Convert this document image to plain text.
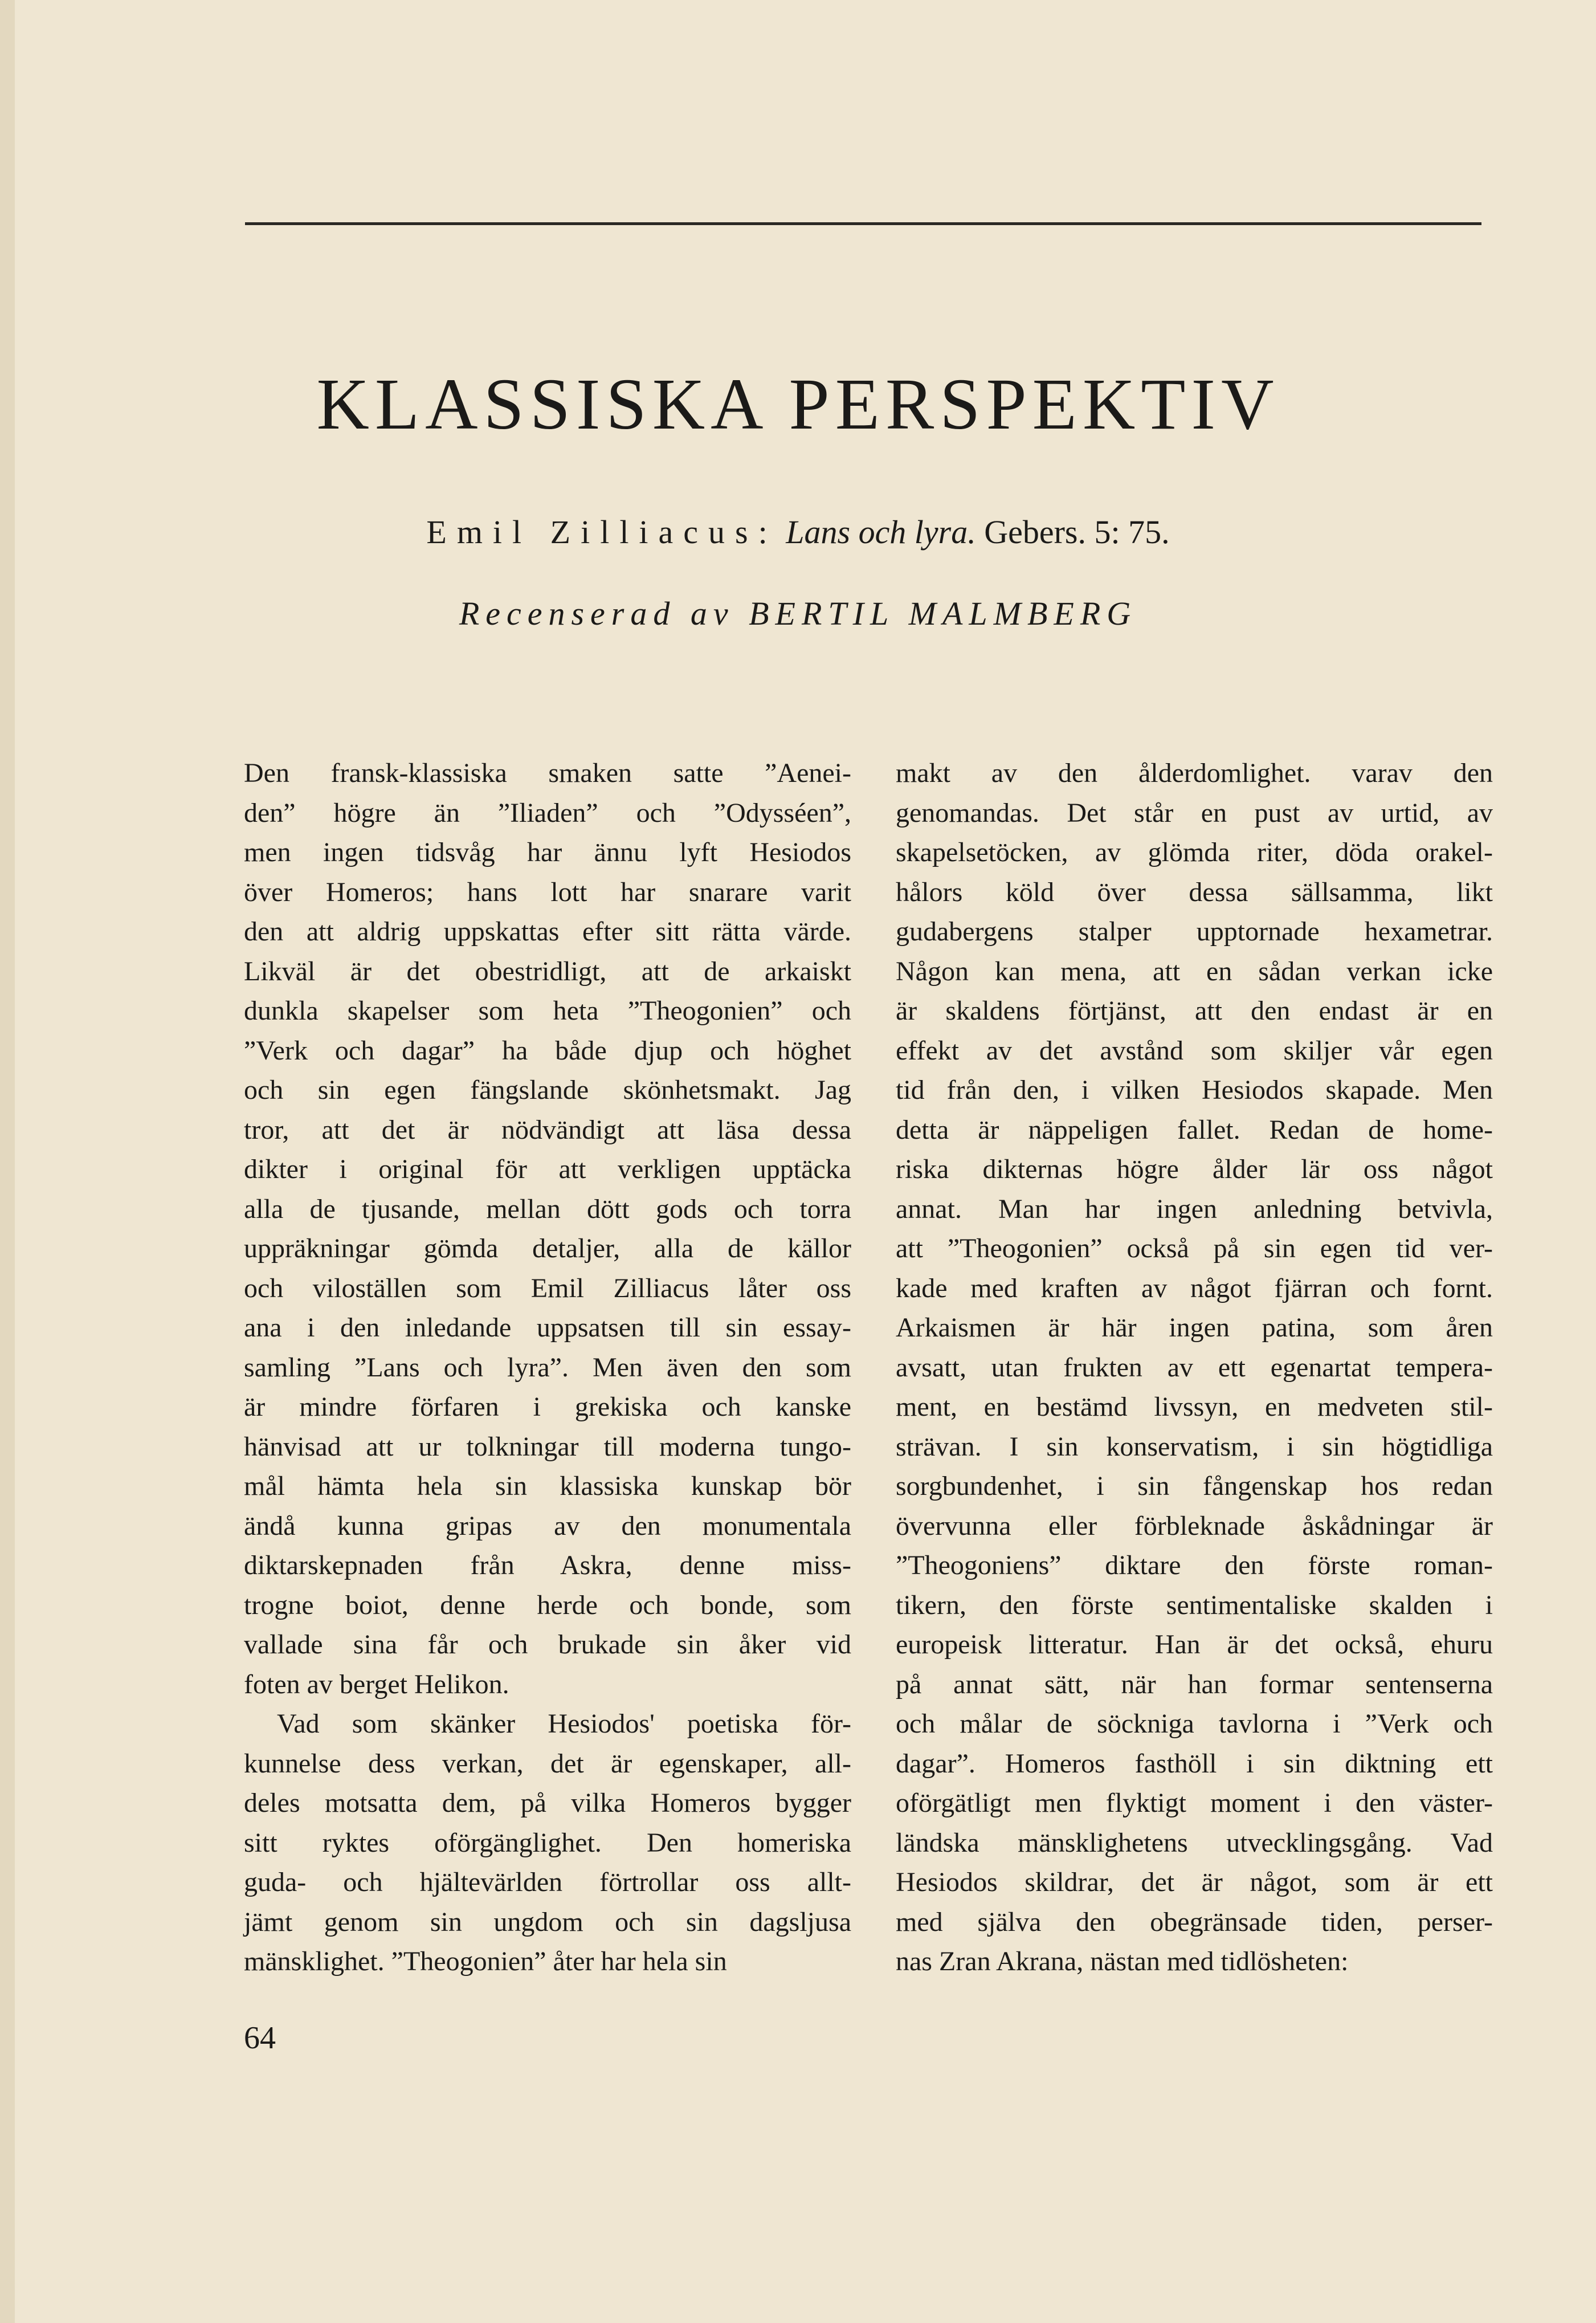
KLASSISKA PERSPEKTIV
Emil Zilliacus: Lans och lyra. Gebers. 5: 75.
Recenserad av BERTIL MALMBERG
Den fransk-klassiska smaken satte ”Aenei-
den” högre än ”Iliaden” och ”Odysséen”,
men ingen tidsvåg har ännu lyft Hesiodos
över Homeros; hans lott har snarare varit
den att aldrig uppskattas efter sitt rätta värde.
Likväl är det obestridligt, att de arkaiskt
dunkla skapelser som heta ”Theogonien” och
”Verk och dagar” ha både djup och höghet
och sin egen fängslande skönhetsmakt. Jag
tror, att det är nödvändigt att läsa dessa
dikter i original för att verkligen upptäcka
alla de tjusande, mellan dött gods och torra
uppräkningar gömda detaljer, alla de källor
och viloställen som Emil Zilliacus låter oss
ana i den inledande uppsatsen till sin essay-
samling ”Lans och lyra”. Men även den som
är mindre förfaren i grekiska och kanske
hänvisad att ur tolkningar till moderna tungo-
mål hämta hela sin klassiska kunskap bör
ändå kunna gripas av den monumentala
diktarskepnaden från Askra, denne miss-
trogne boiot, denne herde och bonde, som
vallade sina får och brukade sin åker vid
foten av berget Helikon.
Vad som skänker Hesiodos' poetiska för-
kunnelse dess verkan, det är egenskaper, all-
deles motsatta dem, på vilka Homeros bygger
sitt ryktes oförgänglighet. Den homeriska
guda- och hjältevärlden förtrollar oss allt-
jämt genom sin ungdom och sin dagsljusa
mänsklighet. ”Theogonien” åter har hela sin
makt av den ålderdomlighet. varav den
genomandas. Det står en pust av urtid, av
skapelsetöcken, av glömda riter, döda orakel-
hålors köld över dessa sällsamma, likt
gudabergens stalper upptornade hexametrar.
Någon kan mena, att en sådan verkan icke
är skaldens förtjänst, att den endast är en
effekt av det avstånd som skiljer vår egen
tid från den, i vilken Hesiodos skapade. Men
detta är näppeligen fallet. Redan de home-
riska dikternas högre ålder lär oss något
annat. Man har ingen anledning betvivla,
att ”Theogonien” också på sin egen tid ver-
kade med kraften av något fjärran och fornt.
Arkaismen är här ingen patina, som åren
avsatt, utan frukten av ett egenartat tempera-
ment, en bestämd livssyn, en medveten stil-
strävan. I sin konservatism, i sin högtidliga
sorgbundenhet, i sin fångenskap hos redan
övervunna eller förbleknade åskådningar är
”Theogoniens” diktare den förste roman-
tikern, den förste sentimentaliske skalden i
europeisk litteratur. Han är det också, ehuru
på annat sätt, när han formar sentenserna
och målar de söckniga tavlorna i ”Verk och
dagar”. Homeros fasthöll i sin diktning ett
oförgätligt men flyktigt moment i den väster-
ländska mänsklighetens utvecklingsgång. Vad
Hesiodos skildrar, det är något, som är ett
med själva den obegränsade tiden, perser-
nas Zran Akrana, nästan med tidlösheten:
64
